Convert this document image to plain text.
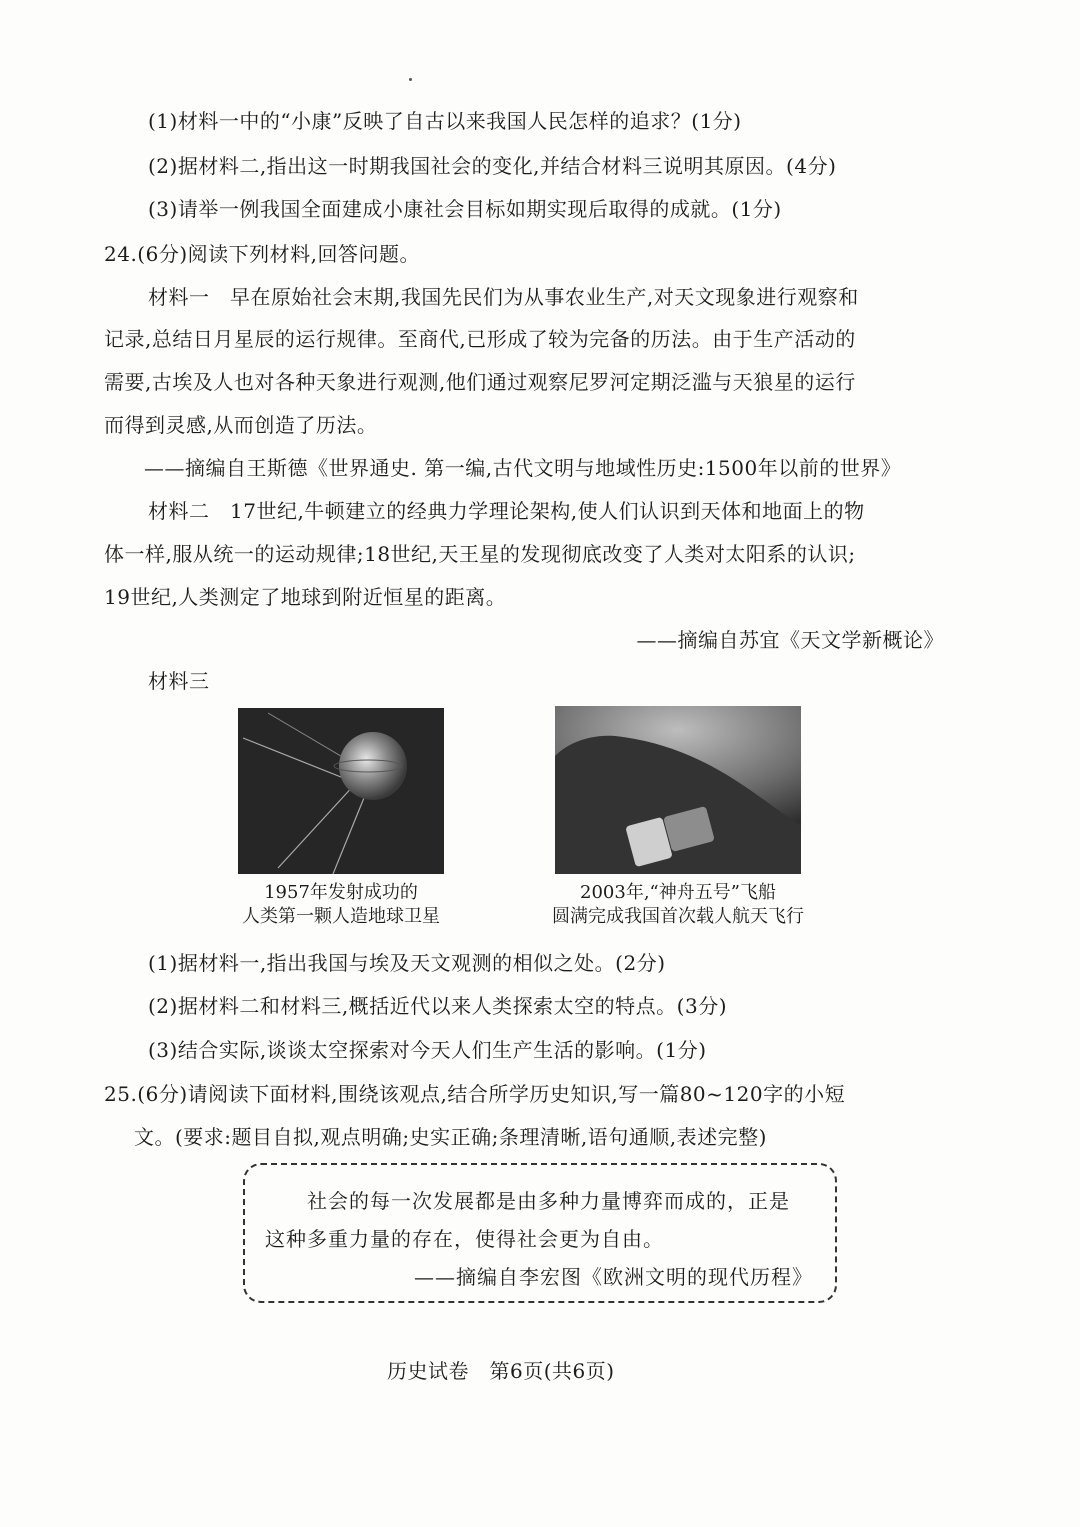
(1)材料一中的“小康”反映了自古以来我国人民怎样的追求？(1分)
(2)据材料二,指出这一时期我国社会的变化,并结合材料三说明其原因。(4分)
(3)请举一例我国全面建成小康社会目标如期实现后取得的成就。(1分)
24.(6分)阅读下列材料,回答问题。
材料一　早在原始社会末期,我国先民们为从事农业生产,对天文现象进行观察和
记录,总结日月星辰的运行规律。至商代,已形成了较为完备的历法。由于生产活动的
需要,古埃及人也对各种天象进行观测,他们通过观察尼罗河定期泛滥与天狼星的运行
而得到灵感,从而创造了历法。
——摘编自王斯德《世界通史. 第一编,古代文明与地域性历史:1500年以前的世界》
材料二　17世纪,牛顿建立的经典力学理论架构,使人们认识到天体和地面上的物
体一样,服从统一的运动规律;18世纪,天王星的发现彻底改变了人类对太阳系的认识;
19世纪,人类测定了地球到附近恒星的距离。
——摘编自苏宜《天文学新概论》
材料三
1957年发射成功的
人类第一颗人造地球卫星
2003年,“神舟五号”飞船
圆满完成我国首次载人航天飞行
(1)据材料一,指出我国与埃及天文观测的相似之处。(2分)
(2)据材料二和材料三,概括近代以来人类探索太空的特点。(3分)
(3)结合实际,谈谈太空探索对今天人们生产生活的影响。(1分)
25.(6分)请阅读下面材料,围绕该观点,结合所学历史知识,写一篇80~120字的小短
文。(要求:题目自拟,观点明确;史实正确;条理清晰,语句通顺,表述完整)
社会的每一次发展都是由多种力量博弈而成的，正是
这种多重力量的存在，使得社会更为自由。
——摘编自李宏图《欧洲文明的现代历程》
历史试卷　第6页(共6页)
